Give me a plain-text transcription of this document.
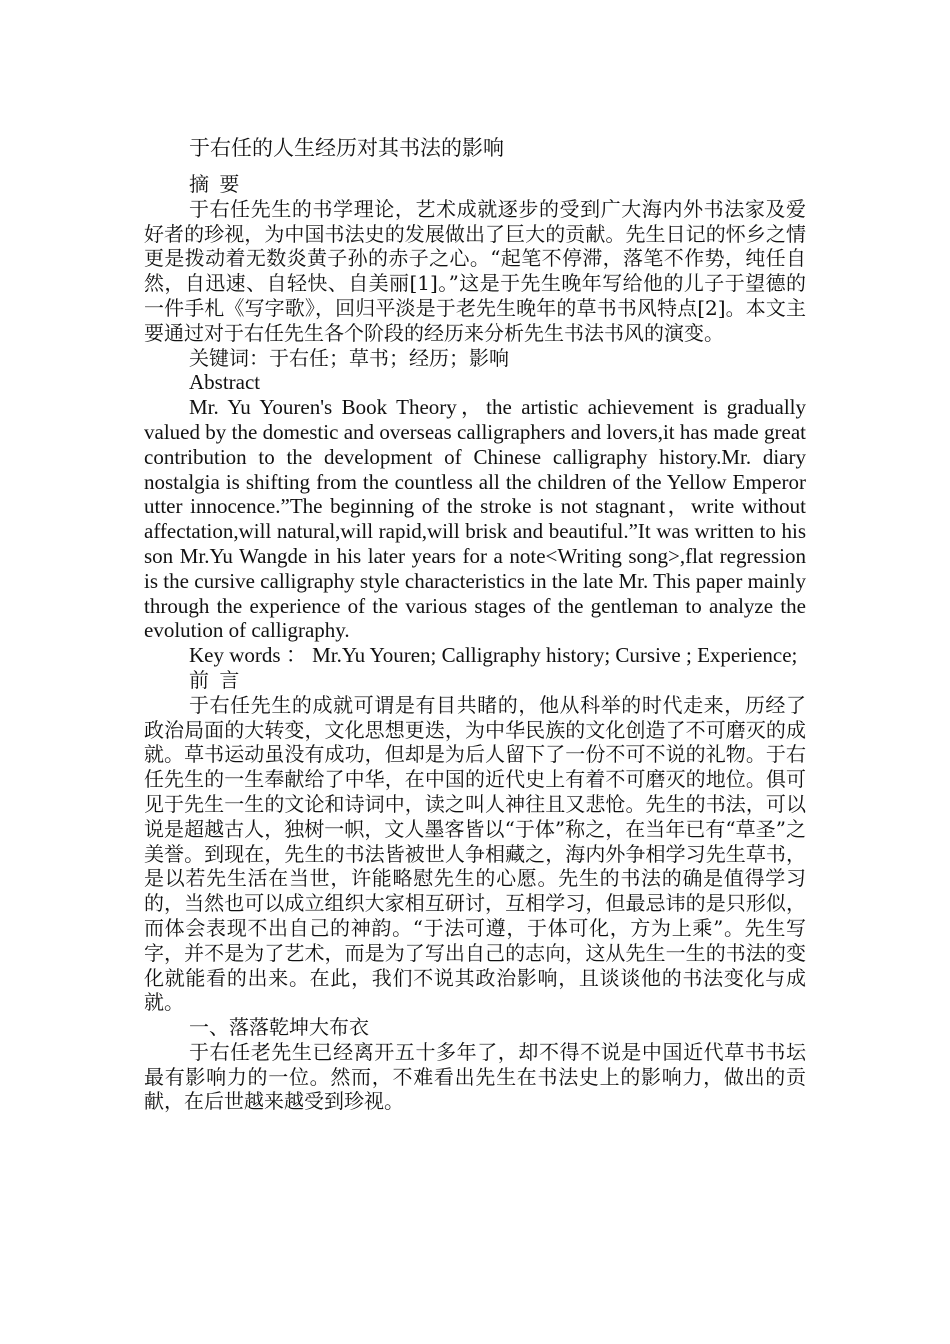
于右任的人生经历对其书法的影响

摘 要

于右任先生的书学理论，艺术成就逐步的受到广大海内外书法家及爱好者的珍视，为中国书法史的发展做出了巨大的贡献。先生日记的怀乡之情更是拨动着无数炎黄子孙的赤子之心。“起笔不停滞，落笔不作势，纯任自然，自迅速、自轻快、自美丽[1]。”这是于先生晚年写给他的儿子于望德的一件手札《写字歌》，回归平淡是于老先生晚年的草书书风特点[2]。本文主要通过对于右任先生各个阶段的经历来分析先生书法书风的演变。

关键词：于右任；草书；经历；影响

Abstract

Mr. Yu Youren's Book Theory，the artistic achievement is gradually valued by the domestic and overseas calligraphers and lovers,it has made great contribution to the development of Chinese calligraphy history.Mr. diary nostalgia is shifting from the countless all the children of the Yellow Emperor utter innocence.”The beginning of the stroke is not stagnant，write without affectation,will natural,will rapid,will brisk and beautiful.”It was written to his son Mr.Yu Wangde in his later years for a note<Writing song>,flat regression is the cursive calligraphy style characteristics in the late Mr. This paper mainly through the experience of the various stages of the gentleman to analyze the evolution of calligraphy.

Key words ： Mr.Yu Youren; Calligraphy history; Cursive ; Experience;

前 言

于右任先生的成就可谓是有目共睹的，他从科举的时代走来，历经了政治局面的大转变，文化思想更迭，为中华民族的文化创造了不可磨灭的成就。草书运动虽没有成功，但却是为后人留下了一份不可不说的礼物。于右任先生的一生奉献给了中华，在中国的近代史上有着不可磨灭的地位。俱可见于先生一生的文论和诗词中，读之叫人神往且又悲怆。先生的书法，可以说是超越古人，独树一帜，文人墨客皆以“于体”称之，在当年已有“草圣”之美誉。到现在，先生的书法皆被世人争相藏之，海内外争相学习先生草书，是以若先生活在当世，许能略慰先生的心愿。先生的书法的确是值得学习的，当然也可以成立组织大家相互研讨，互相学习，但最忌讳的是只形似，而体会表现不出自己的神韵。“于法可遵，于体可化，方为上乘”。先生写字，并不是为了艺术，而是为了写出自己的志向，这从先生一生的书法的变化就能看的出来。在此，我们不说其政治影响，且谈谈他的书法变化与成就。

一、落落乾坤大布衣

于右任老先生已经离开五十多年了，却不得不说是中国近代草书书坛最有影响力的一位。然而，不难看出先生在书法史上的影响力，做出的贡献，在后世越来越受到珍视。
